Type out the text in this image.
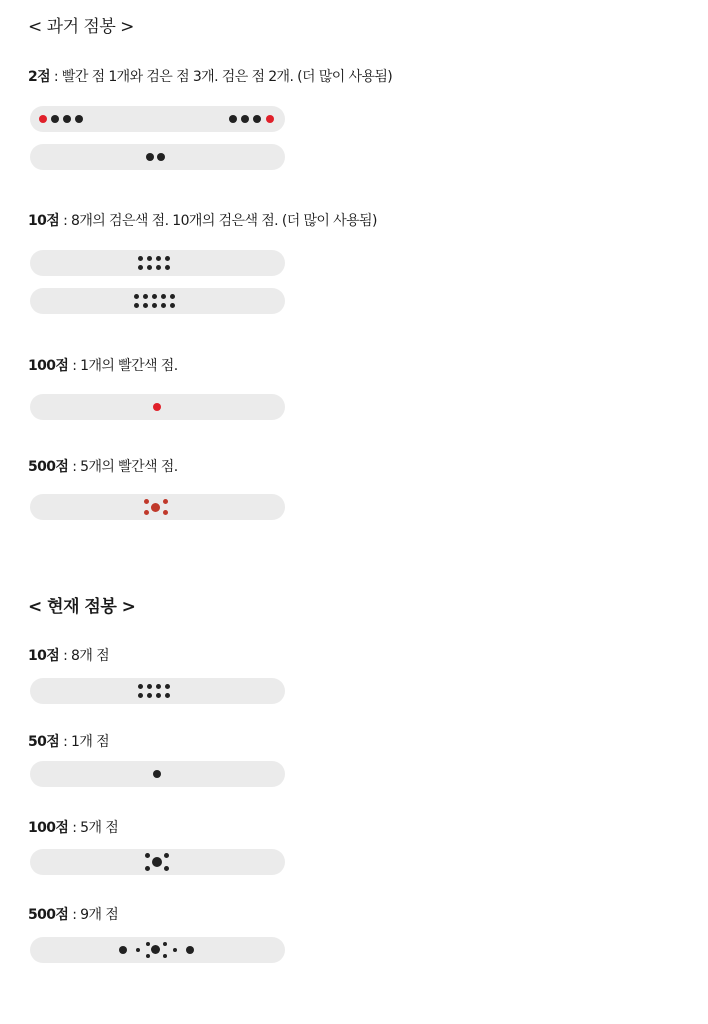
< 과거 점봉 >
2점 : 빨간 점 1개와 검은 점 3개. 검은 점 2개. (더 많이 사용됨)
10점 : 8개의 검은색 점. 10개의 검은색 점. (더 많이 사용됨)
100점 : 1개의 빨간색 점.
500점 : 5개의 빨간색 점.
< 현재 점봉 >
10점 : 8개 점
50점 : 1개 점
100점 : 5개 점
500점 : 9개 점
